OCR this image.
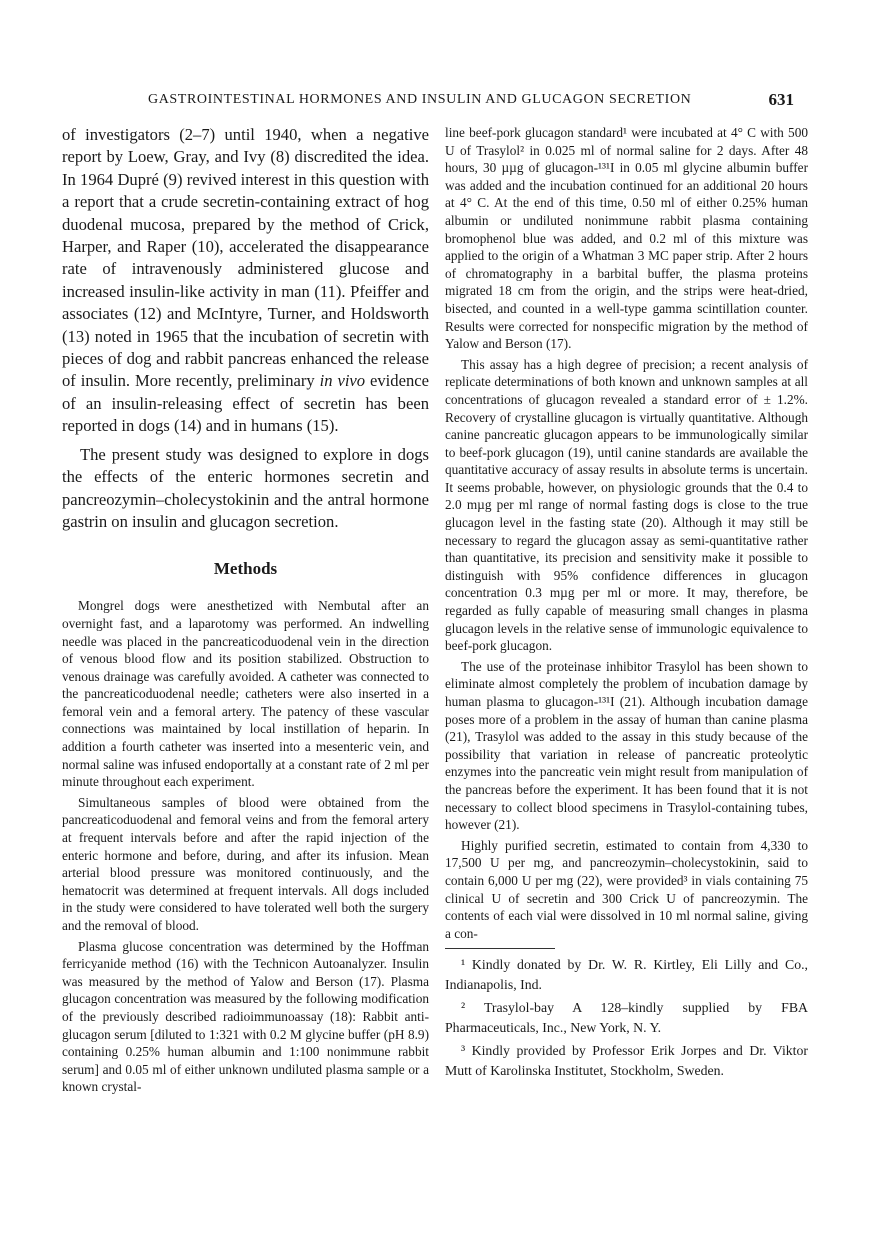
GASTROINTESTINAL HORMONES AND INSULIN AND GLUCAGON SECRETION	631

of investigators (2–7) until 1940, when a negative report by Loew, Gray, and Ivy (8) discredited the idea. In 1964 Dupré (9) revived interest in this question with a report that a crude secretin-containing extract of hog duodenal mucosa, prepared by the method of Crick, Harper, and Raper (10), accelerated the disappearance rate of intravenously administered glucose and increased insulin-like activity in man (11). Pfeiffer and associates (12) and McIntyre, Turner, and Holdsworth (13) noted in 1965 that the incubation of secretin with pieces of dog and rabbit pancreas enhanced the release of insulin. More recently, preliminary in vivo evidence of an insulin-releasing effect of secretin has been reported in dogs (14) and in humans (15).

The present study was designed to explore in dogs the effects of the enteric hormones secretin and pancreozymin–cholecystokinin and the antral hormone gastrin on insulin and glucagon secretion.

Methods

Mongrel dogs were anesthetized with Nembutal after an overnight fast, and a laparotomy was performed. An indwelling needle was placed in the pancreaticoduodenal vein in the direction of venous blood flow and its position stabilized. Obstruction to venous drainage was carefully avoided. A catheter was connected to the pancreaticoduodenal needle; catheters were also inserted in a femoral vein and a femoral artery. The patency of these vascular connections was maintained by local instillation of heparin. In addition a fourth catheter was inserted into a mesenteric vein, and normal saline was infused endoportally at a constant rate of 2 ml per minute throughout each experiment.

Simultaneous samples of blood were obtained from the pancreaticoduodenal and femoral veins and from the femoral artery at frequent intervals before and after the rapid injection of the enteric hormone and before, during, and after its infusion. Mean arterial blood pressure was monitored continuously, and the hematocrit was determined at frequent intervals. All dogs included in the study were considered to have tolerated well both the surgery and the removal of blood.

Plasma glucose concentration was determined by the Hoffman ferricyanide method (16) with the Technicon Autoanalyzer. Insulin was measured by the method of Yalow and Berson (17). Plasma glucagon concentration was measured by the following modification of the previously described radioimmunoassay (18): Rabbit anti-glucagon serum [diluted to 1:321 with 0.2 M glycine buffer (pH 8.9) containing 0.25% human albumin and 1:100 nonimmune rabbit serum] and 0.05 ml of either unknown undiluted plasma sample or a known crystal-

line beef-pork glucagon standard¹ were incubated at 4° C with 500 U of Trasylol² in 0.025 ml of normal saline for 2 days. After 48 hours, 30 µµg of glucagon-¹³¹I in 0.05 ml glycine albumin buffer was added and the incubation continued for an additional 20 hours at 4° C. At the end of this time, 0.50 ml of either 0.25% human albumin or undiluted nonimmune rabbit plasma containing bromophenol blue was added, and 0.2 ml of this mixture was applied to the origin of a Whatman 3 MC paper strip. After 2 hours of chromatography in a barbital buffer, the plasma proteins migrated 18 cm from the origin, and the strips were heat-dried, bisected, and counted in a well-type gamma scintillation counter. Results were corrected for nonspecific migration by the method of Yalow and Berson (17).

This assay has a high degree of precision; a recent analysis of replicate determinations of both known and unknown samples at all concentrations of glucagon revealed a standard error of ± 1.2%. Recovery of crystalline glucagon is virtually quantitative. Although canine pancreatic glucagon appears to be immunologically similar to beef-pork glucagon (19), until canine standards are available the quantitative accuracy of assay results in absolute terms is uncertain. It seems probable, however, on physiologic grounds that the 0.4 to 2.0 mµg per ml range of normal fasting dogs is close to the true glucagon level in the fasting state (20). Although it may still be necessary to regard the glucagon assay as semi-quantitative rather than quantitative, its precision and sensitivity make it possible to distinguish with 95% confidence differences in glucagon concentration 0.3 mµg per ml or more. It may, therefore, be regarded as fully capable of measuring small changes in plasma glucagon levels in the relative sense of immunologic equivalence to beef-pork glucagon.

The use of the proteinase inhibitor Trasylol has been shown to eliminate almost completely the problem of incubation damage by human plasma to glucagon-¹³¹I (21). Although incubation damage poses more of a problem in the assay of human than canine plasma (21), Trasylol was added to the assay in this study because of the possibility that variation in release of pancreatic proteolytic enzymes into the pancreatic vein might result from manipulation of the pancreas before the experiment. It has been found that it is not necessary to collect blood specimens in Trasylol-containing tubes, however (21).

Highly purified secretin, estimated to contain from 4,330 to 17,500 U per mg, and pancreozymin–cholecystokinin, said to contain 6,000 U per mg (22), were provided³ in vials containing 75 clinical U of secretin and 300 Crick U of pancreozymin. The contents of each vial were dissolved in 10 ml normal saline, giving a con-

¹ Kindly donated by Dr. W. R. Kirtley, Eli Lilly and Co., Indianapolis, Ind.

² Trasylol-bay A 128–kindly supplied by FBA Pharmaceuticals, Inc., New York, N. Y.

³ Kindly provided by Professor Erik Jorpes and Dr. Viktor Mutt of Karolinska Institutet, Stockholm, Sweden.
